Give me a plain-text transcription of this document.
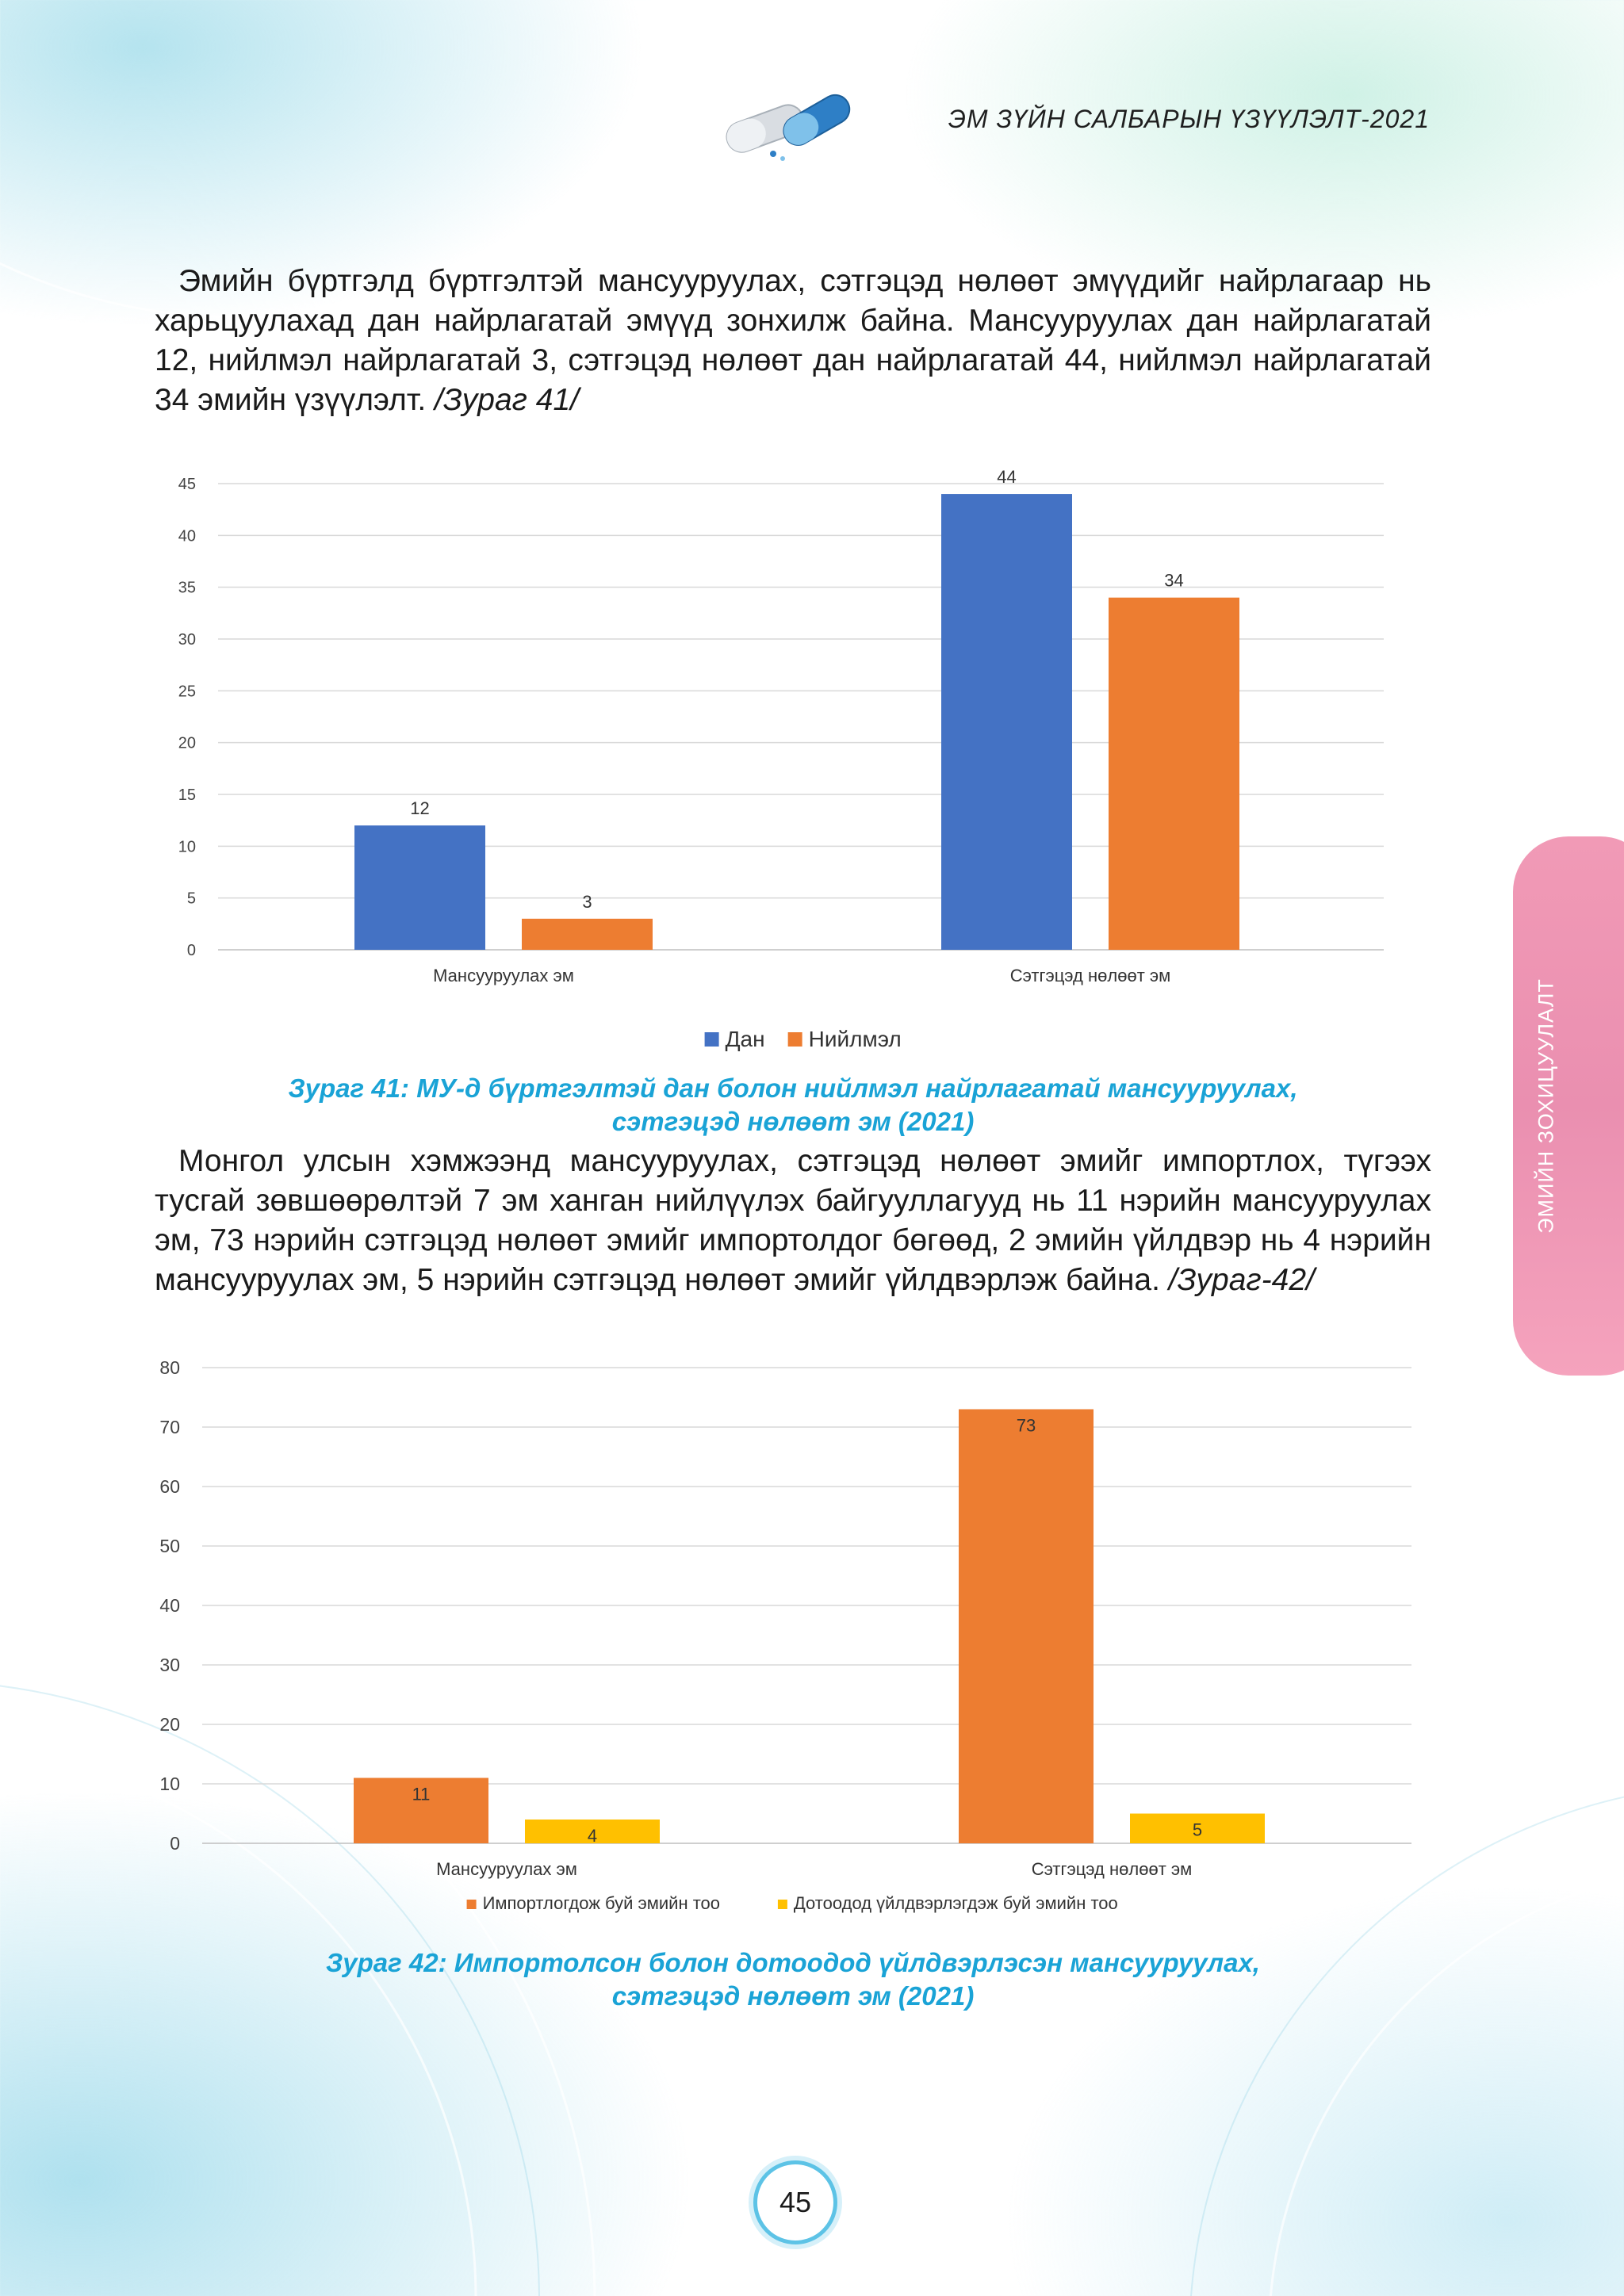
ЭМ ЗҮЙН САЛБАРЫН ҮЗҮҮЛЭЛТ-2021

Эмийн бүртгэлд бүртгэлтэй мансууруулах, сэтгэцэд нөлөөт эмүүдийг найрлагаар нь харьцуулахад дан найрлагатай эмүүд зонхилж байна. Мансууруулах дан найрлагатай 12, нийлмэл найрлагатай 3, сэтгэцэд нөлөөт дан найрлагатай 44, нийлмэл найрлагатай 34 эмийн үзүүлэлт. /Зураг 41/

0
5
10
15
20
25
30
35
40
45
12
3
Мансууруулах эм
44
34
Сэтгэцэд нөлөөт эм
Дан Нийлмэл

Зураг 41: МУ-д бүртгэлтэй дан болон нийлмэл найрлагатай мансууруулах,
сэтгэцэд нөлөөт эм (2021)

Монгол улсын хэмжээнд мансууруулах, сэтгэцэд нөлөөт эмийг импортлох, түгээх тусгай зөвшөөрөлтэй 7 эм ханган нийлүүлэх байгууллагууд нь 11 нэрийн мансууруулах эм, 73 нэрийн сэтгэцэд нөлөөт эмийг импортолдог бөгөөд, 2 эмийн үйлдвэр нь 4 нэрийн мансууруулах эм, 5 нэрийн сэтгэцэд нөлөөт эмийг үйлдвэрлэж байна. /Зураг-42/

0
10
20
30
40
50
60
70
80
11
4
Мансууруулах эм
73
5
Сэтгэцэд нөлөөт эм
Импортлогдож буй эмийн тоо	Дотоодод үйлдвэрлэгдэж буй эмийн тоо

Зураг 42: Импортолсон болон дотоодод үйлдвэрлэсэн мансууруулах,
сэтгэцэд нөлөөт эм (2021)

ЭМИЙН ЗОХИЦУУЛАЛТ
45
